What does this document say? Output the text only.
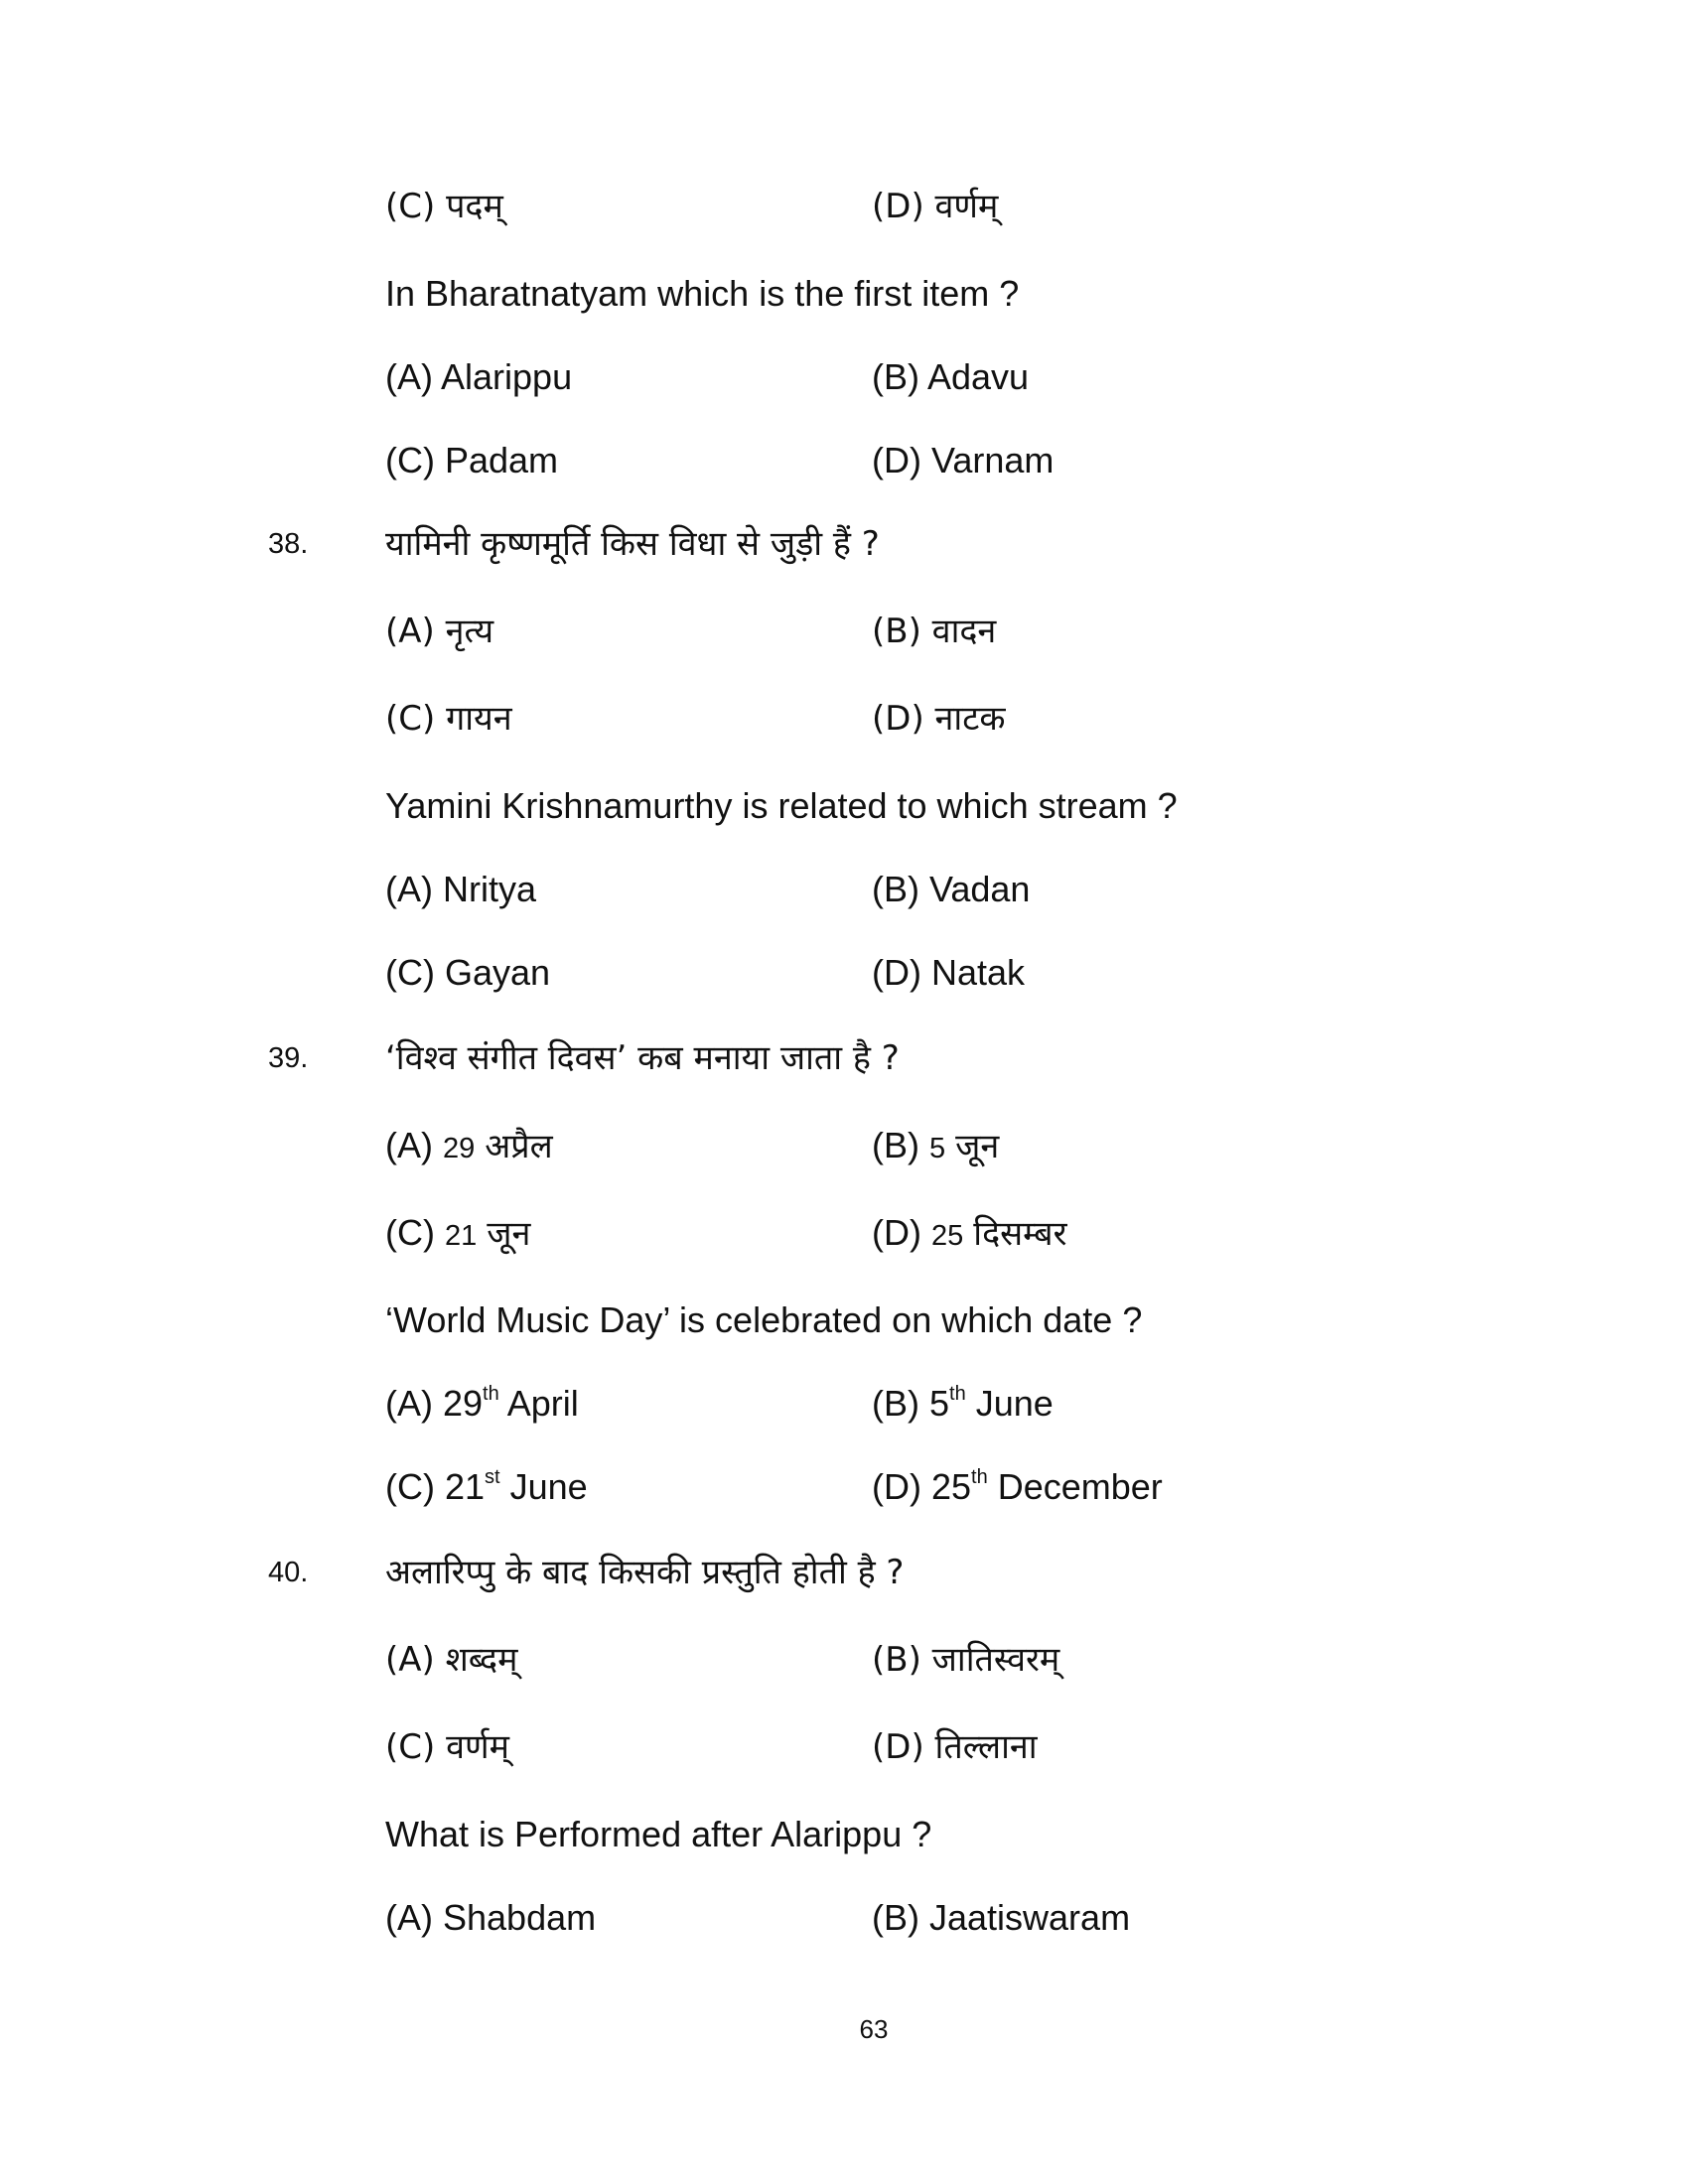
(C) पदम्	(D) वर्णम्
In Bharatnatyam which is the first item ?
(A) Alarippu	(B) Adavu
(C) Padam	(D) Varnam
38. यामिनी कृष्णमूर्ति किस विधा से जुड़ी हैं ?
(A) नृत्य	(B) वादन
(C) गायन	(D) नाटक
Yamini Krishnamurthy is related to which stream ?
(A) Nritya	(B) Vadan
(C) Gayan	(D) Natak
39. ‘विश्व संगीत दिवस’ कब मनाया जाता है ?
(A) 29 अप्रैल	(B) 5 जून
(C) 21 जून	(D) 25 दिसम्बर
‘World Music Day’ is celebrated on which date ?
(A) 29th April	(B) 5th June
(C) 21st June	(D) 25th December
40. अलारिप्पु के बाद किसकी प्रस्तुति होती है ?
(A) शब्दम्	(B) जातिस्वरम्
(C) वर्णम्	(D) तिल्लाना
What is Performed after Alarippu ?
(A) Shabdam	(B) Jaatiswaram
63
